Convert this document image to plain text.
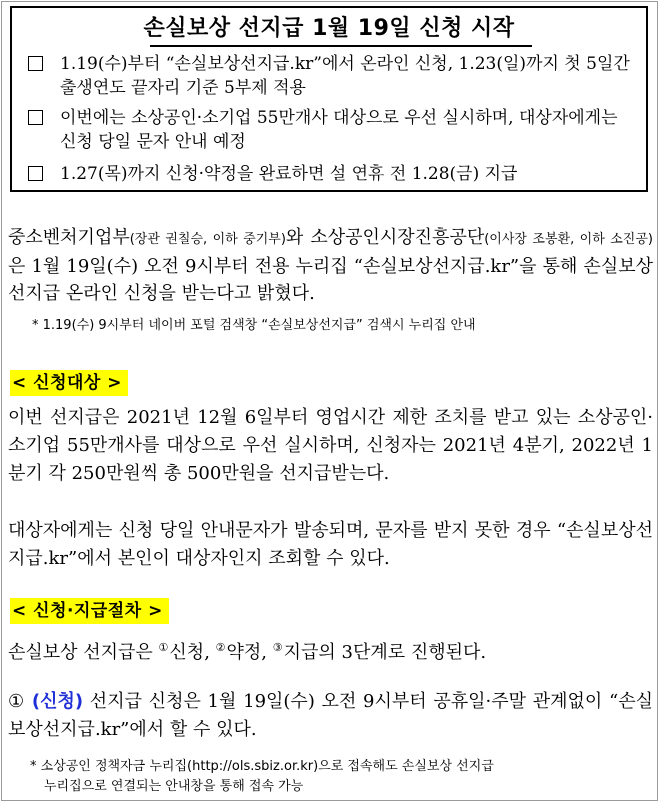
손실보상 선지급 1월 19일 신청 시작
1.19(수)부터 “손실보상선지급.kr”에서 온라인 신청, 1.23(일)까지 첫 5일간 출생연도 끝자리 기준 5부제 적용
이번에는 소상공인·소기업 55만개사 대상으로 우선 실시하며, 대상자에게는 신청 당일 문자 안내 예정
1.27(목)까지 신청·약정을 완료하면 설 연휴 전 1.28(금) 지급
중소벤처기업부(장관 권칠승, 이하 중기부)와 소상공인시장진흥공단(이사장 조봉환, 이하 소진공)은 1월 19일(수) 오전 9시부터 전용 누리집 “손실보상선지급.kr”을 통해 손실보상 선지급 온라인 신청을 받는다고 밝혔다.
* 1.19(수) 9시부터 네이버 포털 검색창 “손실보상선지급” 검색시 누리집 안내
< 신청대상 >
이번 선지급은 2021년 12월 6일부터 영업시간 제한 조치를 받고 있는 소상공인·소기업 55만개사를 대상으로 우선 실시하며, 신청자는 2021년 4분기, 2022년 1분기 각 250만원씩 총 500만원을 선지급받는다.
대상자에게는 신청 당일 안내문자가 발송되며, 문자를 받지 못한 경우 “손실보상선지급.kr”에서 본인이 대상자인지 조회할 수 있다.
< 신청·지급절차 >
손실보상 선지급은 ①신청, ②약정, ③지급의 3단계로 진행된다.
① (신청) 선지급 신청은 1월 19일(수) 오전 9시부터 공휴일·주말 관계없이 “손실보상선지급.kr”에서 할 수 있다.
* 소상공인 정책자금 누리집(http://ols.sbiz.or.kr)으로 접속해도 손실보상 선지급
누리집으로 연결되는 안내창을 통해 접속 가능
